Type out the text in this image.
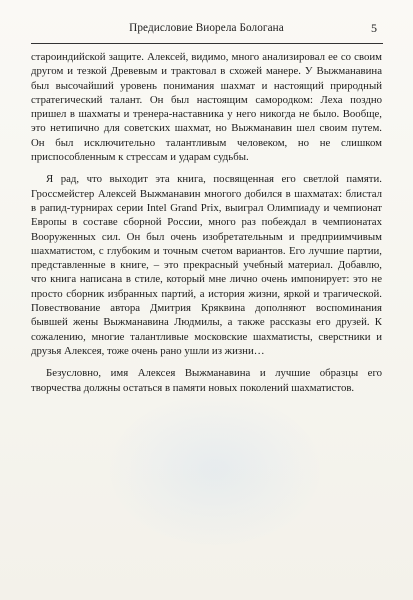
Предисловие Виорела Бологана	5

староиндийской защите. Алексей, видимо, много анализировал ее со своим другом и тезкой Древевым и трактовал в схожей манере. У Выжманавина был высочайший уровень понимания шахмат и настоящий природный стратегический талант. Он был настоящим самородком: Леха поздно пришел в шахматы и тренера-наставника у него никогда не было. Вообще, это нетипично для советских шахмат, но Выжманавин шел своим путем. Он был исключительно талантливым человеком, но не слишком приспособленным к стрессам и ударам судьбы.

Я рад, что выходит эта книга, посвященная его светлой памяти. Гроссмейстер Алексей Выжманавин многого добился в шахматах: блистал в рапид-турнирах серии Intel Grand Prix, выиграл Олимпиаду и чемпионат Европы в составе сборной России, много раз побеждал в чемпионатах Вооруженных сил. Он был очень изобретательным и предприимчивым шахматистом, с глубоким и точным счетом вариантов. Его лучшие партии, представленные в книге, – это прекрасный учебный материал. Добавлю, что книга написана в стиле, который мне лично очень импонирует: это не просто сборник избранных партий, а история жизни, яркой и трагической. Повествование автора Дмитрия Кряквина дополняют воспоминания бывшей жены Выжманавина Людмилы, а также рассказы его друзей. К сожалению, многие талантливые московские шахматисты, сверстники и друзья Алексея, тоже очень рано ушли из жизни…

Безусловно, имя Алексея Выжманавина и лучшие образцы его творчества должны остаться в памяти новых поколений шахматистов.
